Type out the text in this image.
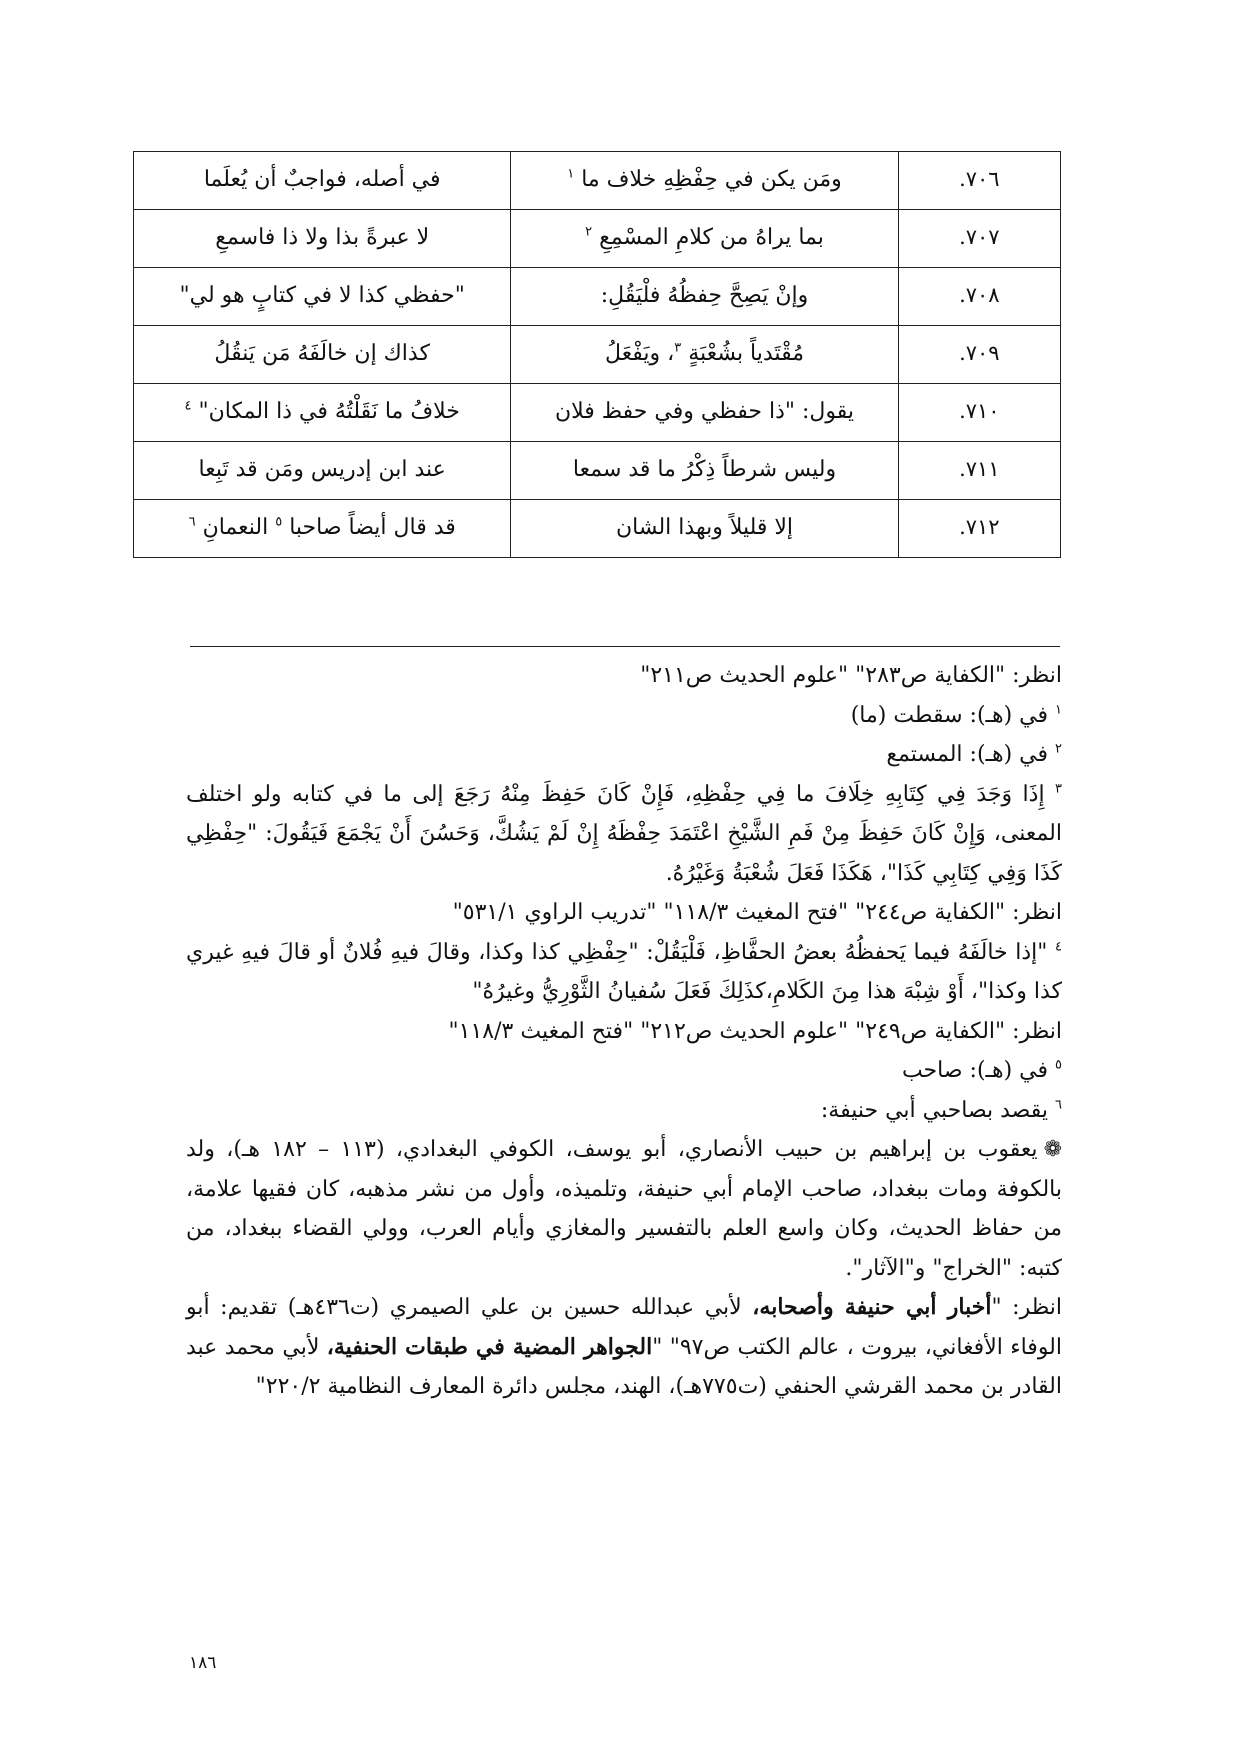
٧٠٦.	ومَن يكن في حِفْظِهِ خلاف ما $^١$	في أصله، فواجبٌ أن يُعلَما
٧٠٧.	بما يراهُ من كلامِ المسْمِعِ $^٢$	لا عبرةً بذا ولا ذا فاسمعِ
٧٠٨.	وإنْ يَصِحَّ حِفظُهُ فلْيَقُلِ:	"حفظي كذا لا في كتابٍ هو لي"
٧٠٩.	مُقْتَدياً بشُعْبَةٍ $^٣$، ويَفْعَلُ	كذاك إن خالَفَهُ مَن يَنقُلُ
٧١٠.	يقول: "ذا حفظي وفي حفظ فلان	خلافُ ما نَقَلْتُهُ في ذا المكان" $^٤$
٧١١.	وليس شرطاً ذِكْرُ ما قد سمعا	عند ابن إدريس ومَن قد تَبِعا
٧١٢.	إلا قليلاً وبهذا الشان	قد قال أيضاً صاحبا $^٥$ النعمانِ $^٦$

انظر: "الكفاية ص٢٨٣" "علوم الحديث ص٢١١"

$^١$ في (هـ): سقطت (ما)

$^٢$ في (هـ): المستمع

$^٣$ إِذَا وَجَدَ فِي كِتَابِهِ خِلَافَ ما فِي حِفْظِهِ، فَإِنْ كَانَ حَفِظَ مِنْهُ رَجَعَ إلى ما في كتابه ولو اختلف المعنى، وَإِنْ كَانَ حَفِظَ مِنْ فَمِ الشَّيْخِ اعْتَمَدَ حِفْظَهُ إِنْ لَمْ يَشُكَّ، وَحَسُنَ أَنْ يَجْمَعَ فَيَقُولَ: "حِفْظِي كَذَا وَفِي كِتَابِي كَذَا"، هَكَذَا فَعَلَ شُعْبَةُ وَغَيْرُهُ.

انظر: "الكفاية ص٢٤٤" "فتح المغيث ١١٨/٣" "تدريب الراوي ٥٣١/١"

$^٤$ "إذا خالَفَهُ فيما يَحفظُهُ بعضُ الحفَّاظِ، فَلْيَقُلْ: "حِفْظِي كذا وكذا، وقالَ فيهِ فُلانٌ أو قالَ فيهِ غيري كذا وكذا"، أَوْ شِبْهَ هذا مِنَ الكَلامِ،كذَلِكَ فَعَلَ سُفيانُ الثَّوْرِيُّ وغيرُهُ"

انظر: "الكفاية ص٢٤٩" "علوم الحديث ص٢١٢" "فتح المغيث ١١٨/٣"

$^٥$ في (هـ): صاحب

$^٦$ يقصد بصاحبي أبي حنيفة:

❁يعقوب بن إبراهيم بن حبيب الأنصاري، أبو يوسف، الكوفي البغدادي، (١١٣ – ١٨٢ هـ)، ولد بالكوفة ومات ببغداد، صاحب الإمام أبي حنيفة، وتلميذه، وأول من نشر مذهبه، كان فقيها علامة، من حفاظ الحديث، وكان واسع العلم بالتفسير والمغازي وأيام العرب، وولي القضاء ببغداد، من كتبه: "الخراج" و"الآثار".

انظر: "أخبار أبي حنيفة وأصحابه، لأبي عبدالله حسين بن علي الصيمري (ت٤٣٦هـ) تقديم: أبو الوفاء الأفغاني، بيروت ، عالم الكتب ص٩٧" "الجواهر المضية في طبقات الحنفية، لأبي محمد عبد القادر بن محمد القرشي الحنفي (ت٧٧٥هـ)، الهند، مجلس دائرة المعارف النظامية ٢٢٠/٢"

١٨٦
